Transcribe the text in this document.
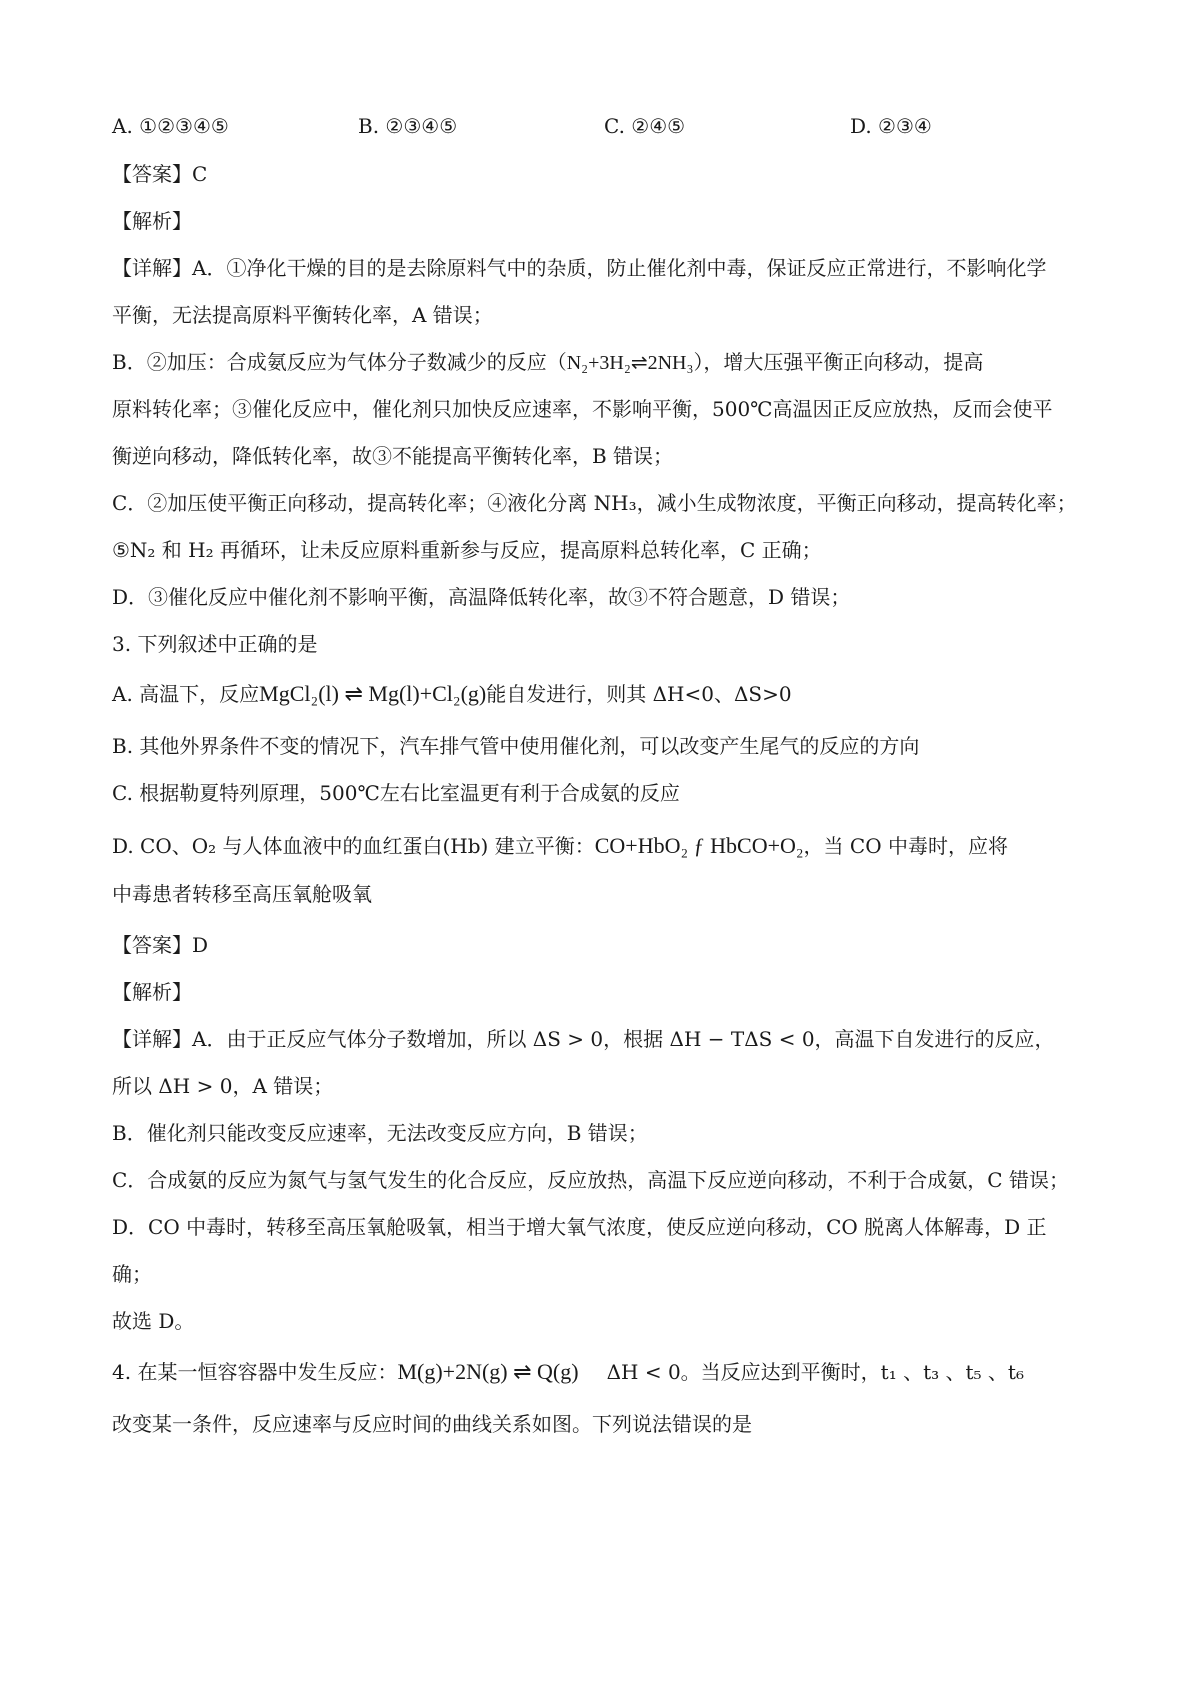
A. ①②③④⑤	B. ②③④⑤	C. ②④⑤	D. ②③④
【答案】C
【解析】
【详解】A．①净化干燥的目的是去除原料气中的杂质，防止催化剂中毒，保证反应正常进行，不影响化学
平衡，无法提高原料平衡转化率，A 错误；
B．②加压：合成氨反应为气体分子数减少的反应（N₂+3H₂⇌2NH₃），增大压强平衡正向移动，提高
原料转化率；③催化反应中，催化剂只加快反应速率，不影响平衡，500℃高温因正反应放热，反而会使平
衡逆向移动，降低转化率，故③不能提高平衡转化率，B 错误；
C．②加压使平衡正向移动，提高转化率；④液化分离 NH₃，减小生成物浓度，平衡正向移动，提高转化率；
⑤N₂ 和 H₂ 再循环，让未反应原料重新参与反应，提高原料总转化率，C 正确；
D．③催化反应中催化剂不影响平衡，高温降低转化率，故③不符合题意，D 错误；
3. 下列叙述中正确的是
A. 高温下，反应MgCl₂(l) ⇌ Mg(l)+Cl₂(g)能自发进行，则其 ΔH<0、ΔS>0
B. 其他外界条件不变的情况下，汽车排气管中使用催化剂，可以改变产生尾气的反应的方向
C. 根据勒夏特列原理，500℃左右比室温更有利于合成氨的反应
D. CO、O₂ 与人体血液中的血红蛋白(Hb) 建立平衡：CO+HbO₂ ƒ HbCO+O₂，当 CO 中毒时，应将
中毒患者转移至高压氧舱吸氧
【答案】D
【解析】
【详解】A．由于正反应气体分子数增加，所以 ΔS > 0，根据 ΔH − TΔS < 0，高温下自发进行的反应，
所以 ΔH > 0，A 错误；
B．催化剂只能改变反应速率，无法改变反应方向，B 错误；
C．合成氨的反应为氮气与氢气发生的化合反应，反应放热，高温下反应逆向移动，不利于合成氨，C 错误；
D．CO 中毒时，转移至高压氧舱吸氧，相当于增大氧气浓度，使反应逆向移动，CO 脱离人体解毒，D 正
确；
故选 D。
4. 在某一恒容容器中发生反应：M(g)+2N(g) ⇌ Q(g) ΔH < 0。当反应达到平衡时，t₁ 、t₃ 、t₅ 、t₆
改变某一条件，反应速率与反应时间的曲线关系如图。下列说法错误的是
